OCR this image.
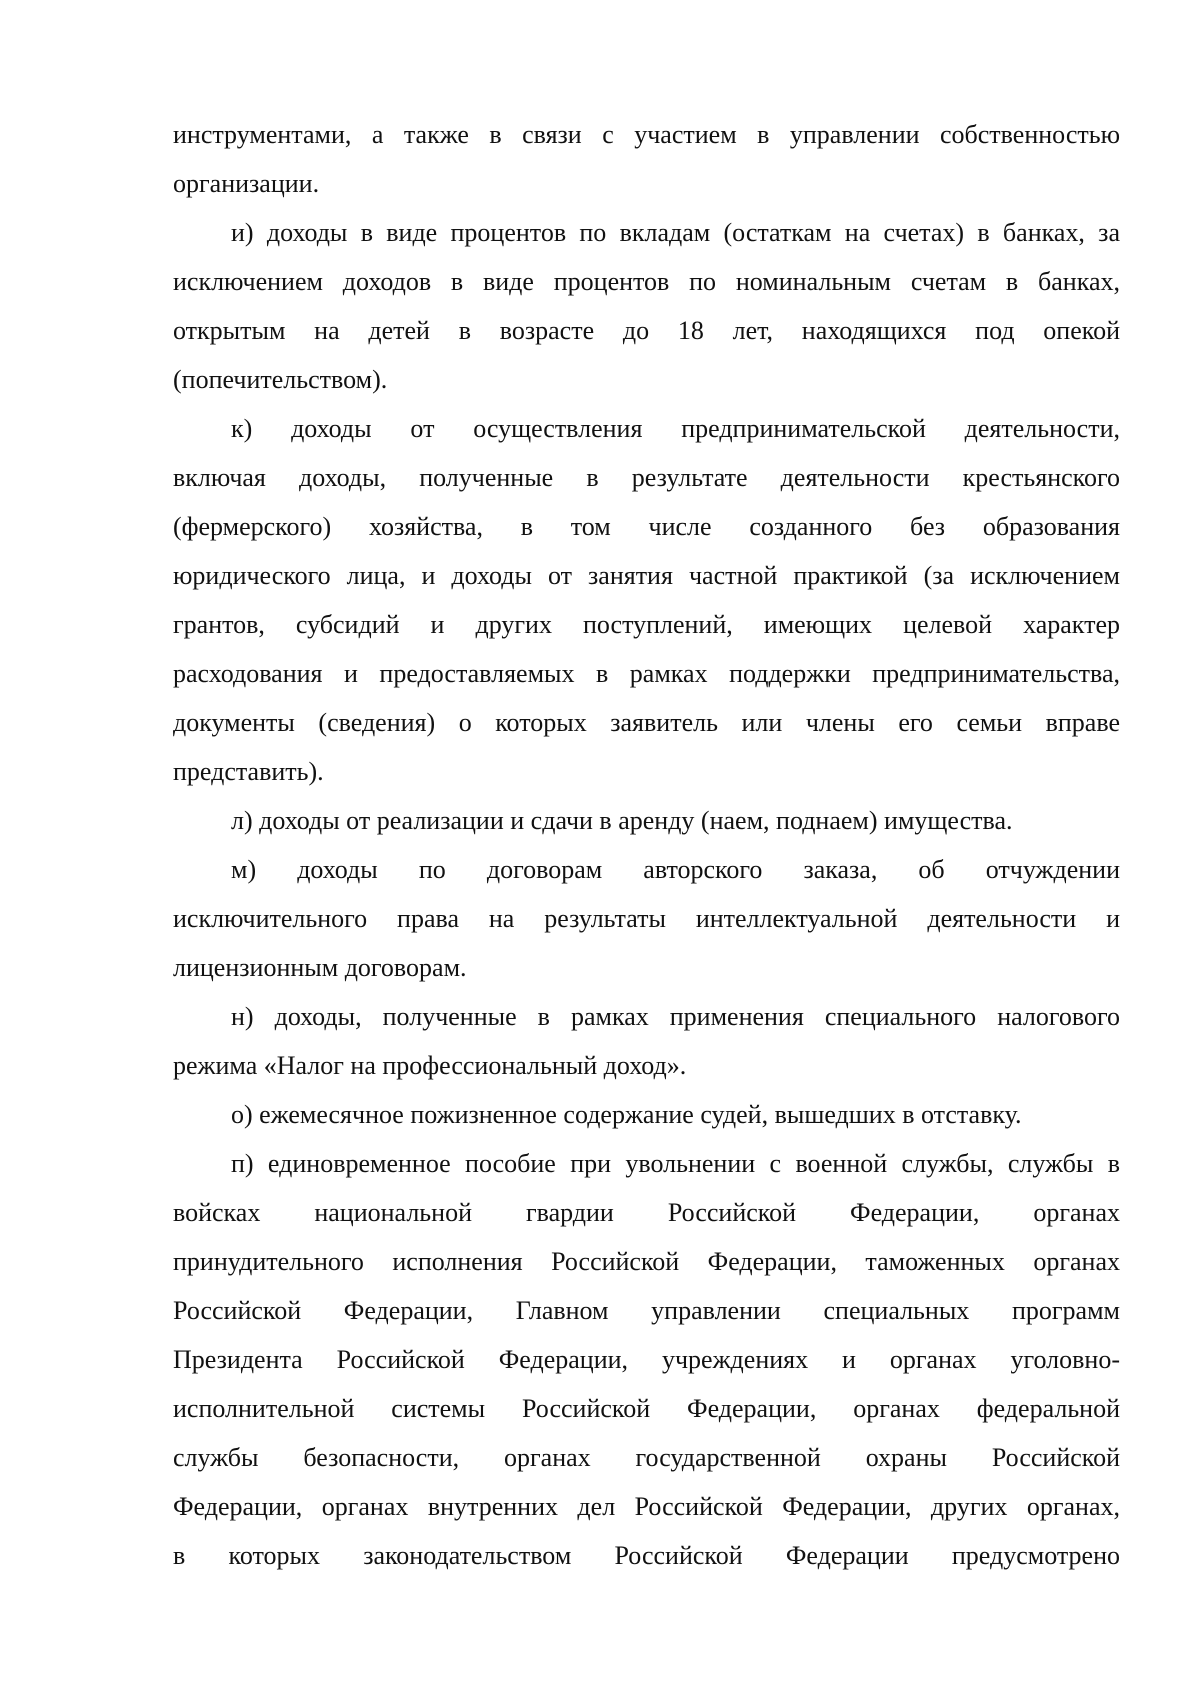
инструментами, а также в связи с участием в управлении собственностью
организации.
и) доходы в виде процентов по вкладам (остаткам на счетах) в банках, за
исключением доходов в виде процентов по номинальным счетам в банках,
открытым на детей в возрасте до 18 лет, находящихся под опекой
(попечительством).
к) доходы от осуществления предпринимательской деятельности,
включая доходы, полученные в результате деятельности крестьянского
(фермерского) хозяйства, в том числе созданного без образования
юридического лица, и доходы от занятия частной практикой (за исключением
грантов, субсидий и других поступлений, имеющих целевой характер
расходования и предоставляемых в рамках поддержки предпринимательства,
документы (сведения) о которых заявитель или члены его семьи вправе
представить).
л) доходы от реализации и сдачи в аренду (наем, поднаем) имущества.
м) доходы по договорам авторского заказа, об отчуждении
исключительного права на результаты интеллектуальной деятельности и
лицензионным договорам.
н) доходы, полученные в рамках применения специального налогового
режима «Налог на профессиональный доход».
о) ежемесячное пожизненное содержание судей, вышедших в отставку.
п) единовременное пособие при увольнении с военной службы, службы в
войсках национальной гвардии Российской Федерации, органах
принудительного исполнения Российской Федерации, таможенных органах
Российской Федерации, Главном управлении специальных программ
Президента Российской Федерации, учреждениях и органах уголовно-
исполнительной системы Российской Федерации, органах федеральной
службы безопасности, органах государственной охраны Российской
Федерации, органах внутренних дел Российской Федерации, других органах,
в которых законодательством Российской Федерации предусмотрено
